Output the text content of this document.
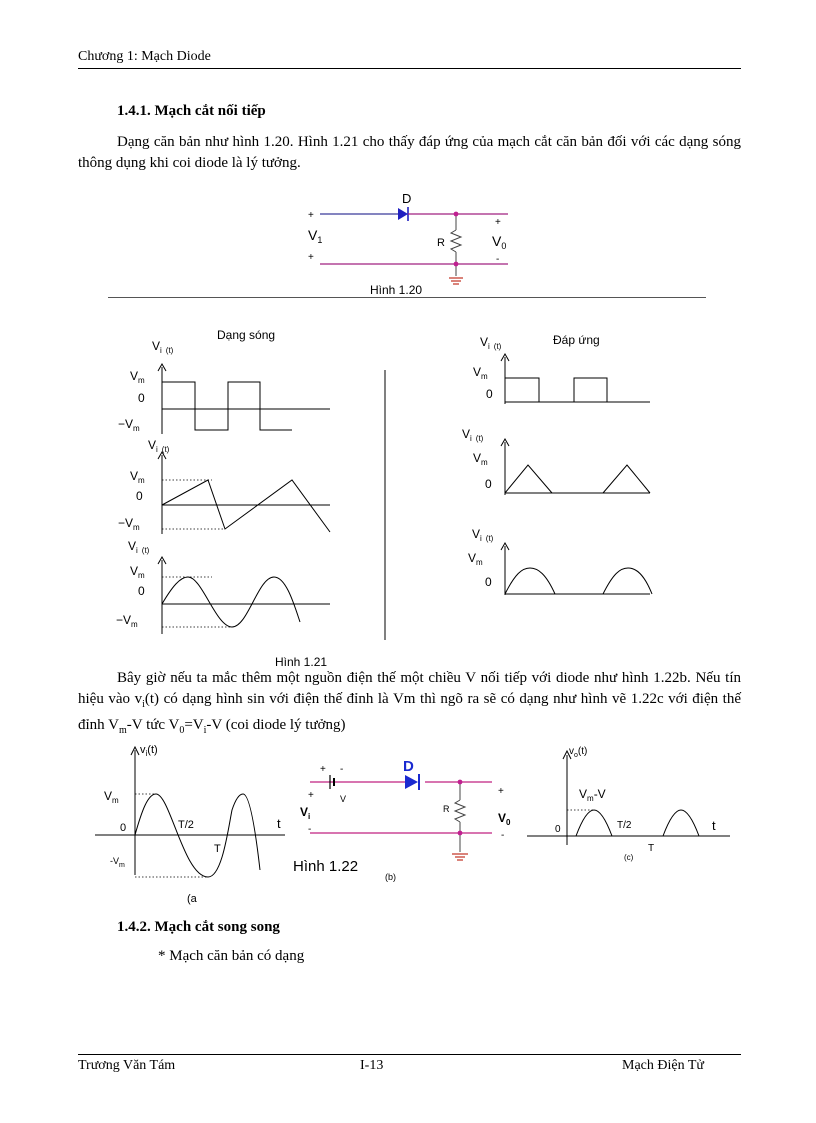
Chương 1: Mạch Diode
1.4.1. Mạch cắt nối tiếp
Dạng căn bản như hình 1.20. Hình 1.21 cho thấy đáp ứng của mạch cắt căn bản đối với các dạng sóng thông dụng khi coi diode là lý tưởng.
D
+
$V_1$
+
R
+
$V_0$
-
Hình 1.20
Dạng sóng	Đáp ứng
$V_i$ (t)
$V_m$
0
$-V_m$
$V_i$ (t)
$V_m$
0
$-V_m$
$V_i$ (t)
$V_m$
0
$-V_m$
$V_i$ (t)
$V_m$
0
$V_i$ (t)
$V_m$
0
$V_i$ (t)
$V_m$
0
Hình 1.21
Bây giờ nếu ta mắc thêm một nguồn điện thế một chiều V nối tiếp với diode như hình 1.22b. Nếu tín hiệu vào $v_i(t)$ có dạng hình sin với điện thế đỉnh là Vm thì ngõ ra sẽ có dạng như hình vẽ 1.22c với điện thế đỉnh $V_m-V$ tức $V_0=V_i-V$ (coi diode lý tưởng)
$v_i(t)$
$V_m$
0	T/2
T
t
$-V_m$
(a
D
+ -
V
+
$V_i$
-
R
+
$V_0$
-
Hình 1.22
(b)
$v_o(t)$
$V_m-V$
0	T/2
T
t
(c)
1.4.2. Mạch cắt song song
* Mạch căn bản có dạng
Trương Văn Tám	I-13	Mạch Điện Tử
